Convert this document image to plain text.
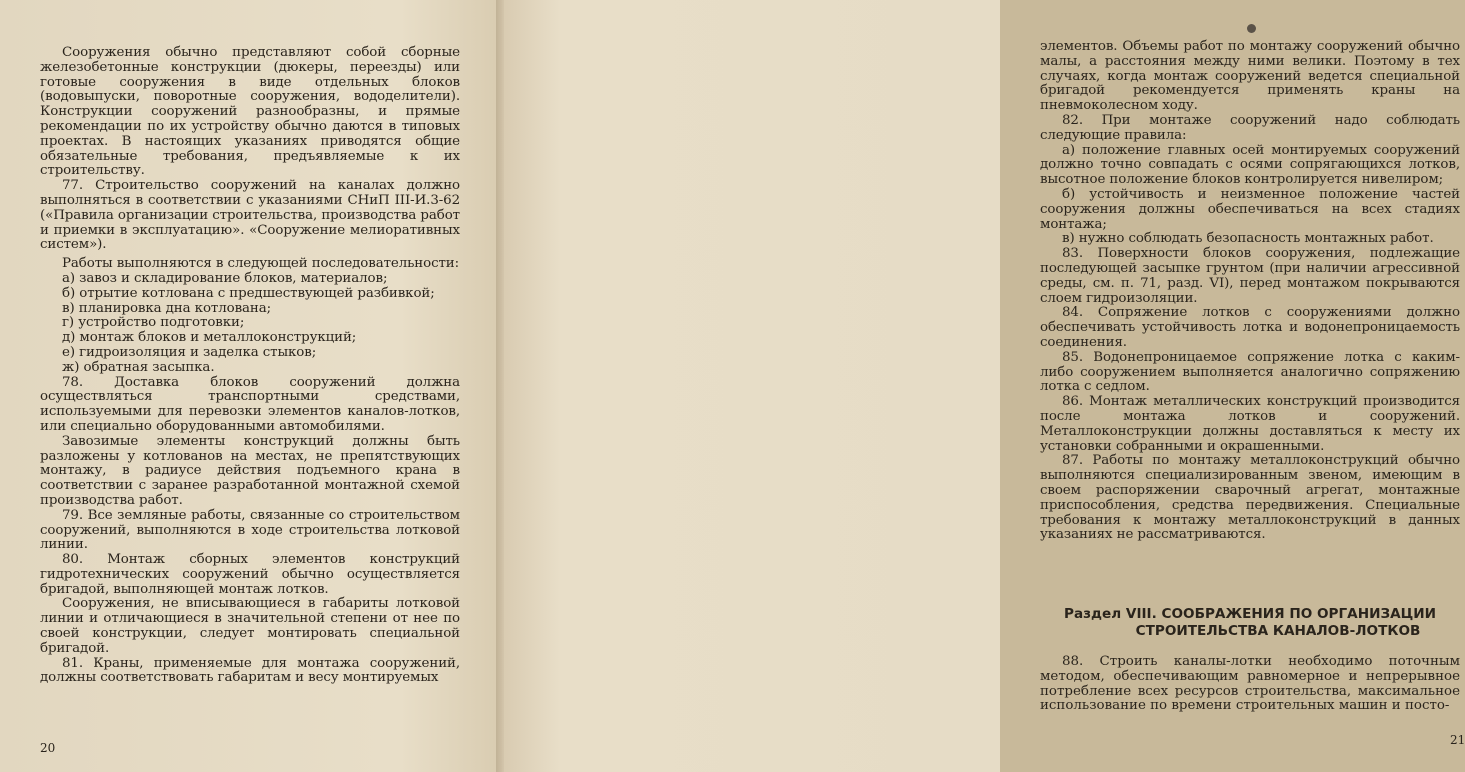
Сооружения обычно представляют собой сборные железобетонные конструкции (дюкеры, переезды) или готовые сооружения в виде отдельных блоков (водовыпуски, поворотные сооружения, вододелители). Конструкции сооружений разнообразны, и прямые рекомендации по их устройству обычно даются в типовых проектах. В настоящих указаниях приводятся общие обязательные требования, предъявляемые к их строительству.

77. Строительство сооружений на каналах должно выполняться в соответствии с указаниями СНиП III-И.3-62 («Правила организации строительства, производства работ и приемки в эксплуатацию». «Сооружение мелиоративных систем»).

Работы выполняются в следующей последовательности:

а) завоз и складирование блоков, материалов;

б) отрытие котлована с предшествующей разбивкой;

в) планировка дна котлована;

г) устройство подготовки;

д) монтаж блоков и металлоконструкций;

е) гидроизоляция и заделка стыков;

ж) обратная засыпка.

78. Доставка блоков сооружений должна осуществляться транспортными средствами, используемыми для перевозки элементов каналов-лотков, или специально оборудованными автомобилями.

Завозимые элементы конструкций должны быть разложены у котлованов на местах, не препятствующих монтажу, в радиусе действия подъемного крана в соответствии с заранее разработанной монтажной схемой производства работ.

79. Все земляные работы, связанные со строительством сооружений, выполняются в ходе строительства лотковой линии.

80. Монтаж сборных элементов конструкций гидротехнических сооружений обычно осуществляется бригадой, выполняющей монтаж лотков.

Сооружения, не вписывающиеся в габариты лотковой линии и отличающиеся в значительной степени от нее по своей конструкции, следует монтировать специальной бригадой.

81. Краны, применяемые для монтажа сооружений, должны соответствовать габаритам и весу монтируемых

20

элементов. Объемы работ по монтажу сооружений обычно малы, а расстояния между ними велики. Поэтому в тех случаях, когда монтаж сооружений ведется специальной бригадой рекомендуется применять краны на пневмоколесном ходу.

82. При монтаже сооружений надо соблюдать следующие правила:

а) положение главных осей монтируемых сооружений должно точно совпадать с осями сопрягающихся лотков, высотное положение блоков контролируется нивелиром;

б) устойчивость и неизменное положение частей сооружения должны обеспечиваться на всех стадиях монтажа;

в) нужно соблюдать безопасность монтажных работ.

83. Поверхности блоков сооружения, подлежащие последующей засыпке грунтом (при наличии агрессивной среды, см. п. 71, разд. VI), перед монтажом покрываются слоем гидроизоляции.

84. Сопряжение лотков с сооружениями должно обеспечивать устойчивость лотка и водонепроницаемость соединения.

85. Водонепроницаемое сопряжение лотка с каким-либо сооружением выполняется аналогично сопряжению лотка с седлом.

86. Монтаж металлических конструкций производится после монтажа лотков и сооружений. Металлоконструкции должны доставляться к месту их установки собранными и окрашенными.

87. Работы по монтажу металлоконструкций обычно выполняются специализированным звеном, имеющим в своем распоряжении сварочный агрегат, монтажные приспособления, средства передвижения. Специальные требования к монтажу металлоконструкций в данных указаниях не рассматриваются.

Раздел VIII. СООБРАЖЕНИЯ ПО ОРГАНИЗАЦИИ
СТРОИТЕЛЬСТВА КАНАЛОВ-ЛОТКОВ

88. Строить каналы-лотки необходимо поточным методом, обеспечивающим равномерное и непрерывное потребление всех ресурсов строительства, максимальное использование по времени строительных машин и посто-

21
